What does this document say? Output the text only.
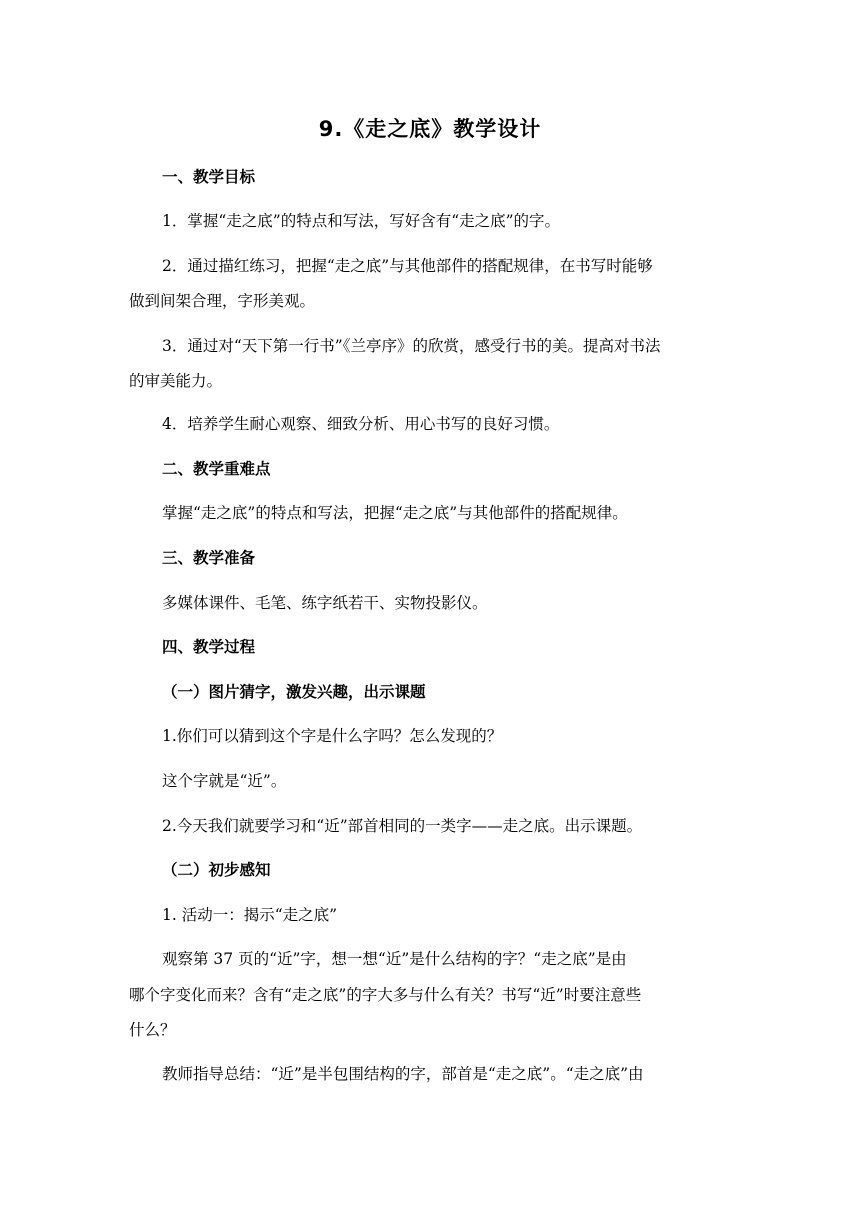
9.《走之底》教学设计
一、教学目标
1．掌握“走之底”的特点和写法，写好含有“走之底”的字。
2．通过描红练习，把握“走之底”与其他部件的搭配规律，在书写时能够
做到间架合理，字形美观。
3．通过对“天下第一行书”《兰亭序》的欣赏，感受行书的美。提高对书法
的审美能力。
4．培养学生耐心观察、细致分析、用心书写的良好习惯。
二、教学重难点
掌握“走之底”的特点和写法，把握“走之底”与其他部件的搭配规律。
三、教学准备
多媒体课件、毛笔、练字纸若干、实物投影仪。
四、教学过程
（一）图片猜字，激发兴趣，出示课题
1.你们可以猜到这个字是什么字吗？怎么发现的？
这个字就是“近”。
2.今天我们就要学习和“近”部首相同的一类字——走之底。出示课题。
（二）初步感知
1. 活动一：揭示“走之底”
观察第 37 页的“近”字，想一想“近”是什么结构的字？“走之底”是由
哪个字变化而来？含有“走之底”的字大多与什么有关？书写“近”时要注意些
什么？
教师指导总结：“近”是半包围结构的字，部首是“走之底”。“走之底”由
